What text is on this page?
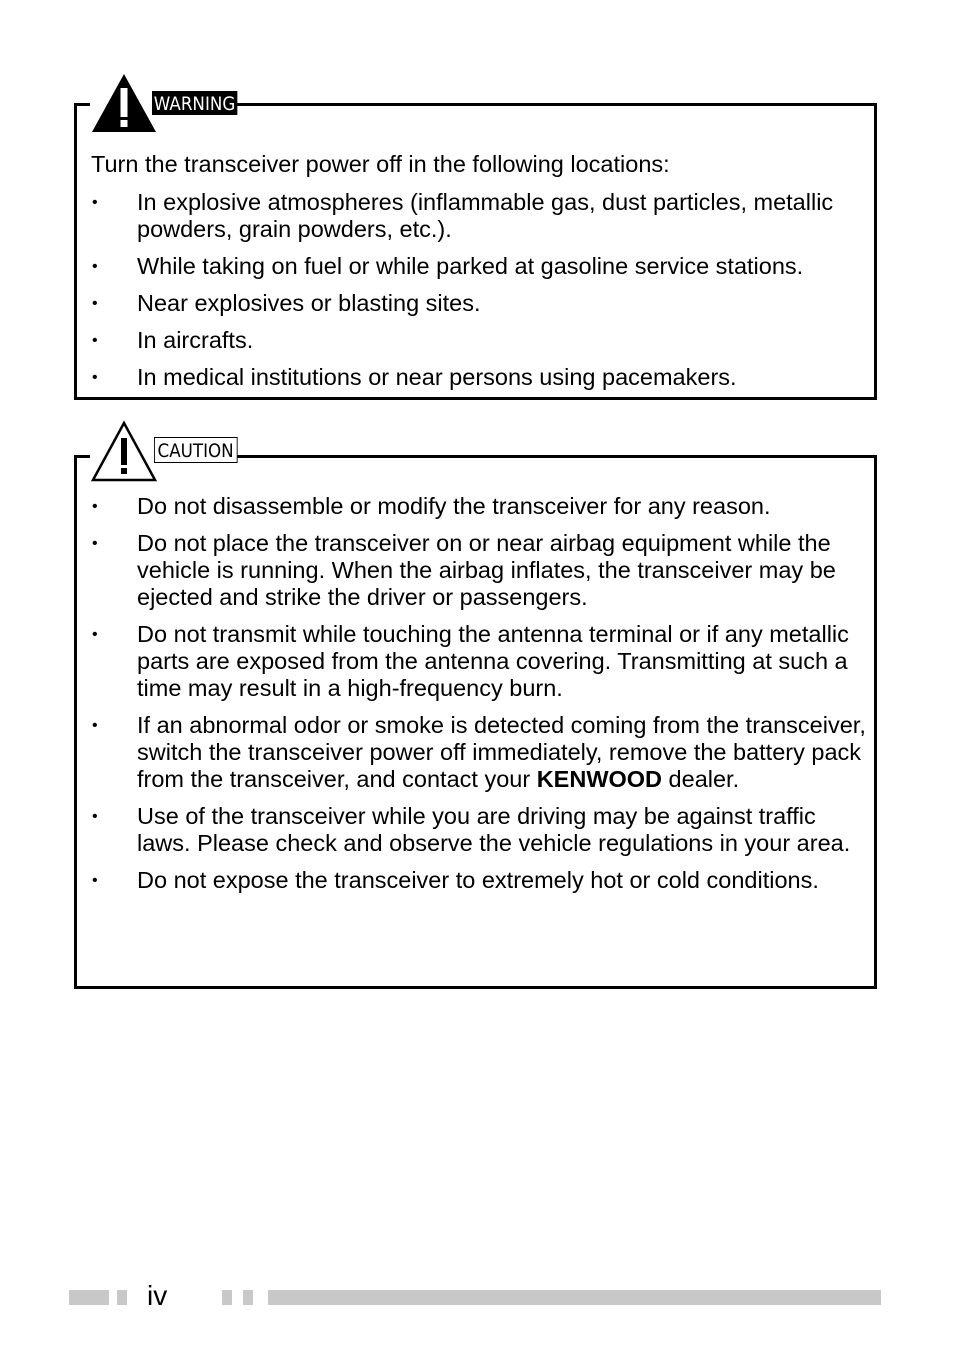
WARNING
Turn the transceiver power off in the following locations:
• In explosive atmospheres (inflammable gas, dust particles, metallic powders, grain powders, etc.).
• While taking on fuel or while parked at gasoline service stations.
• Near explosives or blasting sites.
• In aircrafts.
• In medical institutions or near persons using pacemakers.
CAUTION
• Do not disassemble or modify the transceiver for any reason.
• Do not place the transceiver on or near airbag equipment while the vehicle is running. When the airbag inflates, the transceiver may be ejected and strike the driver or passengers.
• Do not transmit while touching the antenna terminal or if any metallic parts are exposed from the antenna covering. Transmitting at such a time may result in a high-frequency burn.
• If an abnormal odor or smoke is detected coming from the transceiver, switch the transceiver power off immediately, remove the battery pack from the transceiver, and contact your KENWOOD dealer.
• Use of the transceiver while you are driving may be against traffic laws. Please check and observe the vehicle regulations in your area.
• Do not expose the transceiver to extremely hot or cold conditions.
iv
